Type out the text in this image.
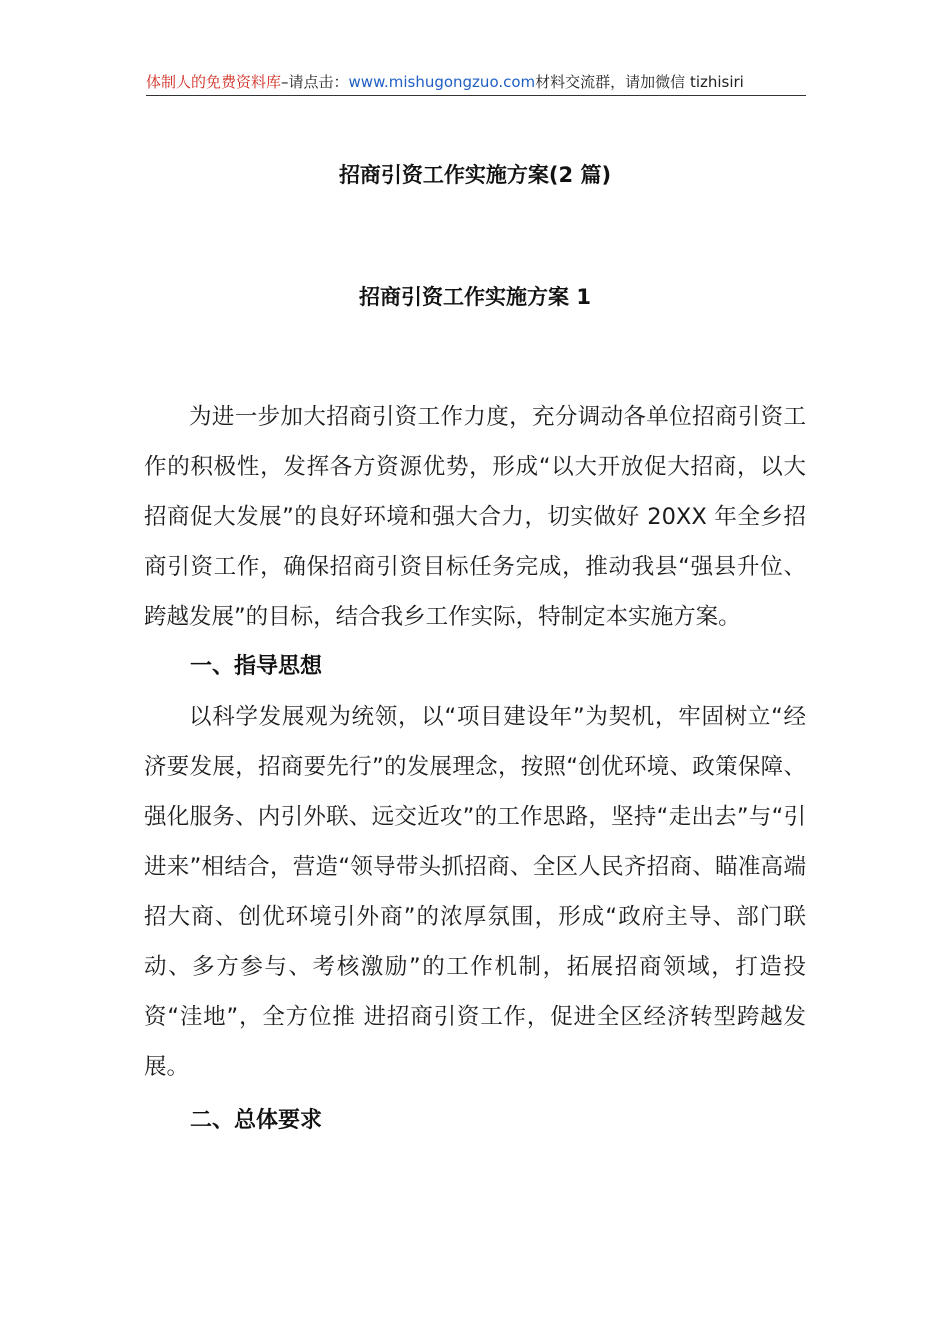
体制人的免费资料库–请点击：www.mishugongzuo.com材料交流群，请加微信 tizhisiri
招商引资工作实施方案(2 篇)
招商引资工作实施方案 1

为进一步加大招商引资工作力度，充分调动各单位招商引资工作的积极性，发挥各方资源优势，形成“以大开放促大招商，以大招商促大发展”的良好环境和强大合力，切实做好 20XX 年全乡招商引资工作，确保招商引资目标任务完成，推动我县“强县升位、跨越发展”的目标，结合我乡工作实际，特制定本实施方案。

一、指导思想

以科学发展观为统领，以“项目建设年”为契机，牢固树立“经济要发展，招商要先行”的发展理念，按照“创优环境、政策保障、强化服务、内引外联、远交近攻”的工作思路，坚持“走出去”与“引进来”相结合，营造“领导带头抓招商、全区人民齐招商、瞄准高端招大商、创优环境引外商”的浓厚氛围，形成“政府主导、部门联动、多方参与、考核激励”的工作机制，拓展招商领域，打造投资“洼地”，全方位推 进招商引资工作，促进全区经济转型跨越发展。

二、总体要求
